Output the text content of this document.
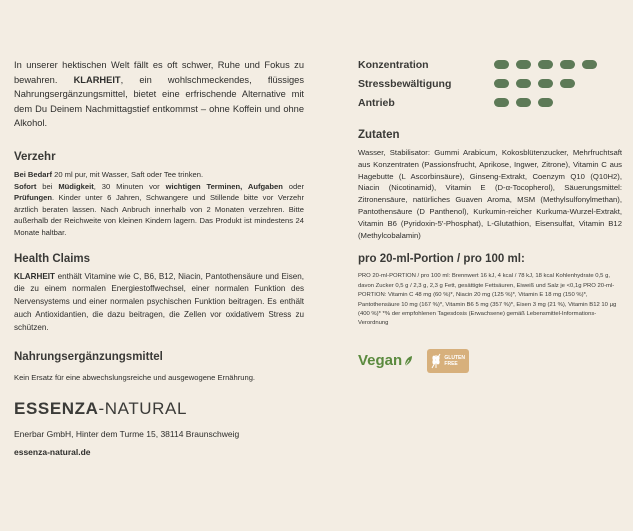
In unserer hektischen Welt fällt es oft schwer, Ruhe und Fokus zu bewahren. KLARHEIT, ein wohlschmeckendes, flüssiges Nahrungsergänzungsmittel, bietet eine erfrischende Alternative mit dem Du Deinem Nachmittagstief entkommst – ohne Koffein und ohne Alkohol.

Verzehr

Bei Bedarf 20 ml pur, mit Wasser, Saft oder Tee trinken.
Sofort bei Müdigkeit, 30 Minuten vor wichtigen Terminen, Aufgaben oder Prüfungen. Kinder unter 6 Jahren, Schwangere und Stillende bitte vor Verzehr ärztlich beraten lassen. Nach Anbruch innerhalb von 2 Monaten verzehren. Bitte außerhalb der Reichweite von kleinen Kindern lagern. Das Produkt ist mindestens 24 Monate haltbar.

Health Claims

KLARHEIT enthält Vitamine wie C, B6, B12, Niacin, Pantothensäure und Eisen, die zu einem normalen Energiestoffwechsel, einer normalen Funktion des Nervensystems und einer normalen psychischen Funktion beitragen. Es enthält auch Antioxidantien, die dazu beitragen, die Zellen vor oxidativem Stress zu schützen.

Nahrungsergänzungsmittel

Kein Ersatz für eine abwechslungsreiche und ausgewogene Ernährung.

ESSENZA-NATURAL

Enerbar GmbH, Hinter dem Turme 15, 38114 Braunschweig

essenza-natural.de

Konzentration
Stressbewältigung
Antrieb
Zutaten

Wasser, Stabilisator: Gummi Arabicum, Kokosblütenzucker, Mehrfruchtsaft aus Konzentraten (Passionsfrucht, Aprikose, Ingwer, Zitrone), Vitamin C aus Hagebutte (L Ascorbinsäure), Ginseng-Extrakt, Coenzym Q10 (Q10H2), Niacin (Nicotinamid), Vitamin E (D-α-Tocopherol), Säuerungsmittel: Zitronensäure, natürliches Guaven Aroma, MSM (Methylsulfonylmethan), Pantothensäure (D Panthenol), Kurkumin-reicher Kurkuma-Wurzel-Extrakt, Vitamin B6 (Pyridoxin-5'-Phosphat), L-Glutathion, Eisensulfat, Vitamin B12 (Methylcobalamin)

pro 20-ml-Portion / pro 100 ml:

PRO 20-ml-PORTION / pro 100 ml: Brennwert 16 kJ, 4 kcal / 78 kJ, 18 kcal Kohlenhydrate 0,5 g, davon Zucker 0,5 g / 2,3 g, 2,3 g Fett, gesättigte Fettsäuren, Eiweiß und Salz je <0,1g PRO 20-ml-PORTION: Vitamin C 48 mg (60 %)*, Niacin 20 mg (125 %)*, Vitamin E 18 mg (150 %)*, Pantothensäure 10 mg (167 %)*, Vitamin B6 5 mg (357 %)*, Eisen 3 mg (21 %), Vitamin B12 10 µg (400 %)* *% der empfohlenen Tagesdosis (Erwachsene) gemäß Lebensmittel-Informations- Verordnung

Vegan	GLUTEN
FREE
